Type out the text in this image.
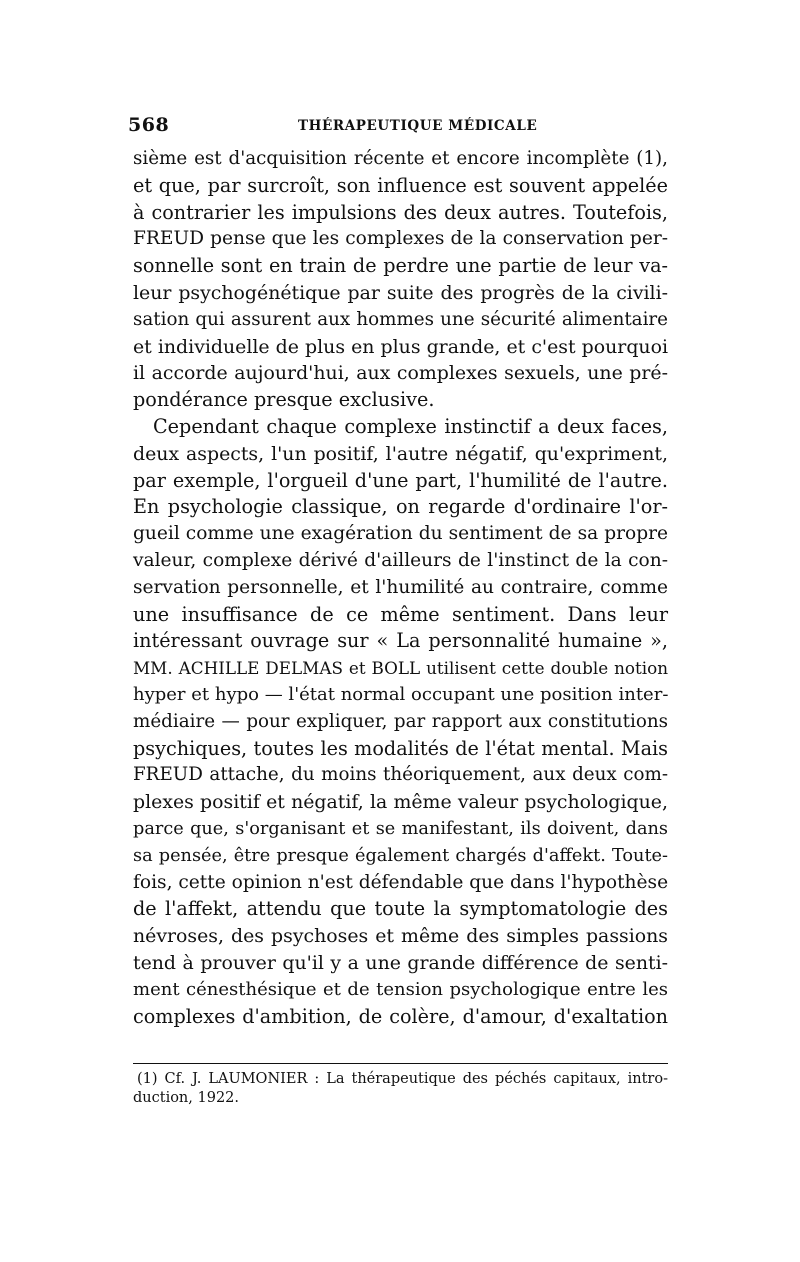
568	THÉRAPEUTIQUE MÉDICALE
sième est d'acquisition récente et encore incomplète (1),
et que, par surcroît, son influence est souvent appelée
à contrarier les impulsions des deux autres. Toutefois,
FREUD pense que les complexes de la conservation per-
sonnelle sont en train de perdre une partie de leur va-
leur psychogénétique par suite des progrès de la civili-
sation qui assurent aux hommes une sécurité alimentaire
et individuelle de plus en plus grande, et c'est pourquoi
il accorde aujourd'hui, aux complexes sexuels, une pré-
pondérance presque exclusive.
Cependant chaque complexe instinctif a deux faces,
deux aspects, l'un positif, l'autre négatif, qu'expriment,
par exemple, l'orgueil d'une part, l'humilité de l'autre.
En psychologie classique, on regarde d'ordinaire l'or-
gueil comme une exagération du sentiment de sa propre
valeur, complexe dérivé d'ailleurs de l'instinct de la con-
servation personnelle, et l'humilité au contraire, comme
une insuffisance de ce même sentiment. Dans leur
intéressant ouvrage sur « La personnalité humaine »,
MM. ACHILLE DELMAS et BOLL utilisent cette double notion
hyper et hypo — l'état normal occupant une position inter-
médiaire — pour expliquer, par rapport aux constitutions
psychiques, toutes les modalités de l'état mental. Mais
FREUD attache, du moins théoriquement, aux deux com-
plexes positif et négatif, la même valeur psychologique,
parce que, s'organisant et se manifestant, ils doivent, dans
sa pensée, être presque également chargés d'affekt. Toute-
fois, cette opinion n'est défendable que dans l'hypothèse
de l'affekt, attendu que toute la symptomatologie des
névroses, des psychoses et même des simples passions
tend à prouver qu'il y a une grande différence de senti-
ment cénesthésique et de tension psychologique entre les
complexes d'ambition, de colère, d'amour, d'exaltation
(1) Cf. J. LAUMONIER : La thérapeutique des péchés capitaux, intro-
duction, 1922.
